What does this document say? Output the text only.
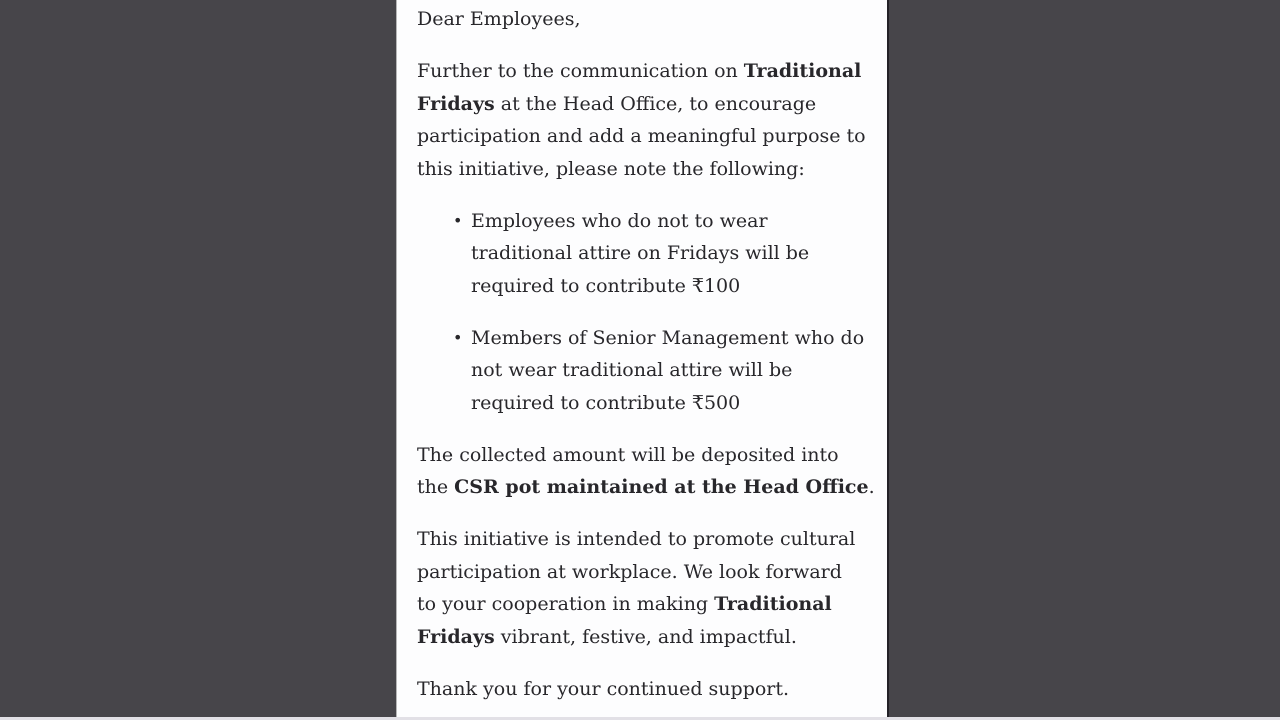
Dear Employees,
Further to the communication on Traditional
Fridays at the Head Office, to encourage
participation and add a meaningful purpose to
this initiative, please note the following:
• Employees who do not to wear
traditional attire on Fridays will be
required to contribute ₹100
• Members of Senior Management who do
not wear traditional attire will be
required to contribute ₹500
The collected amount will be deposited into
the CSR pot maintained at the Head Office.
This initiative is intended to promote cultural
participation at workplace. We look forward
to your cooperation in making Traditional
Fridays vibrant, festive, and impactful.
Thank you for your continued support.
